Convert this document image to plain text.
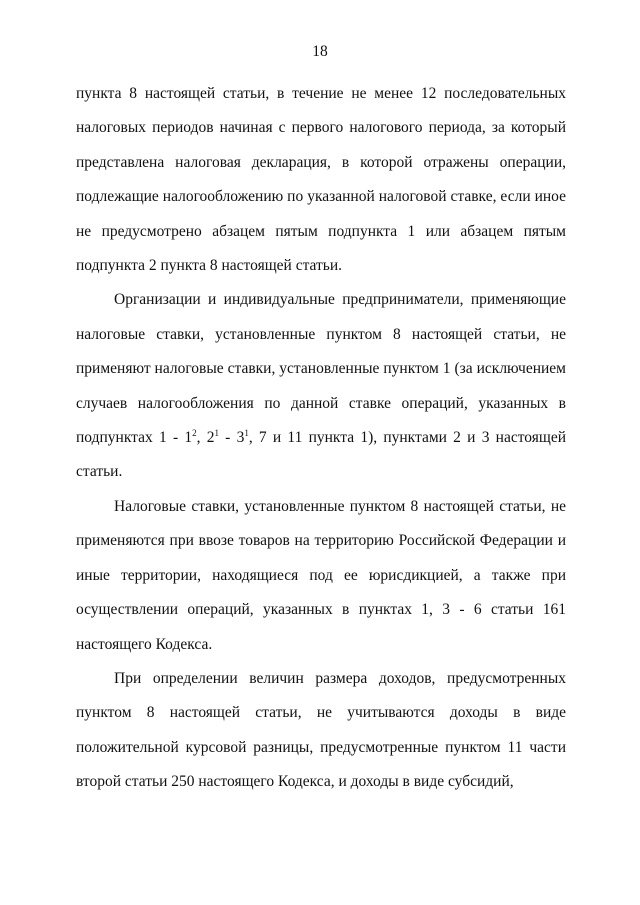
18

пункта 8 настоящей статьи, в течение не менее 12 последовательных налоговых периодов начиная с первого налогового периода, за который представлена налоговая декларация, в которой отражены операции, подлежащие налогообложению по указанной налоговой ставке, если иное не предусмотрено абзацем пятым подпункта 1 или абзацем пятым подпункта 2 пункта 8 настоящей статьи.

Организации и индивидуальные предприниматели, применяющие налоговые ставки, установленные пунктом 8 настоящей статьи, не применяют налоговые ставки, установленные пунктом 1 (за исключением случаев налогообложения по данной ставке операций, указанных в подпунктах $1 - 1^2$, $2^1 - 3^1$, 7 и 11 пункта 1), пунктами 2 и 3 настоящей статьи.

Налоговые ставки, установленные пунктом 8 настоящей статьи, не применяются при ввозе товаров на территорию Российской Федерации и иные территории, находящиеся под ее юрисдикцией, а также при осуществлении операций, указанных в пунктах 1, 3 - 6 статьи 161 настоящего Кодекса.

При определении величин размера доходов, предусмотренных пунктом 8 настоящей статьи, не учитываются доходы в виде положительной курсовой разницы, предусмотренные пунктом 11 части второй статьи 250 настоящего Кодекса, и доходы в виде субсидий,
